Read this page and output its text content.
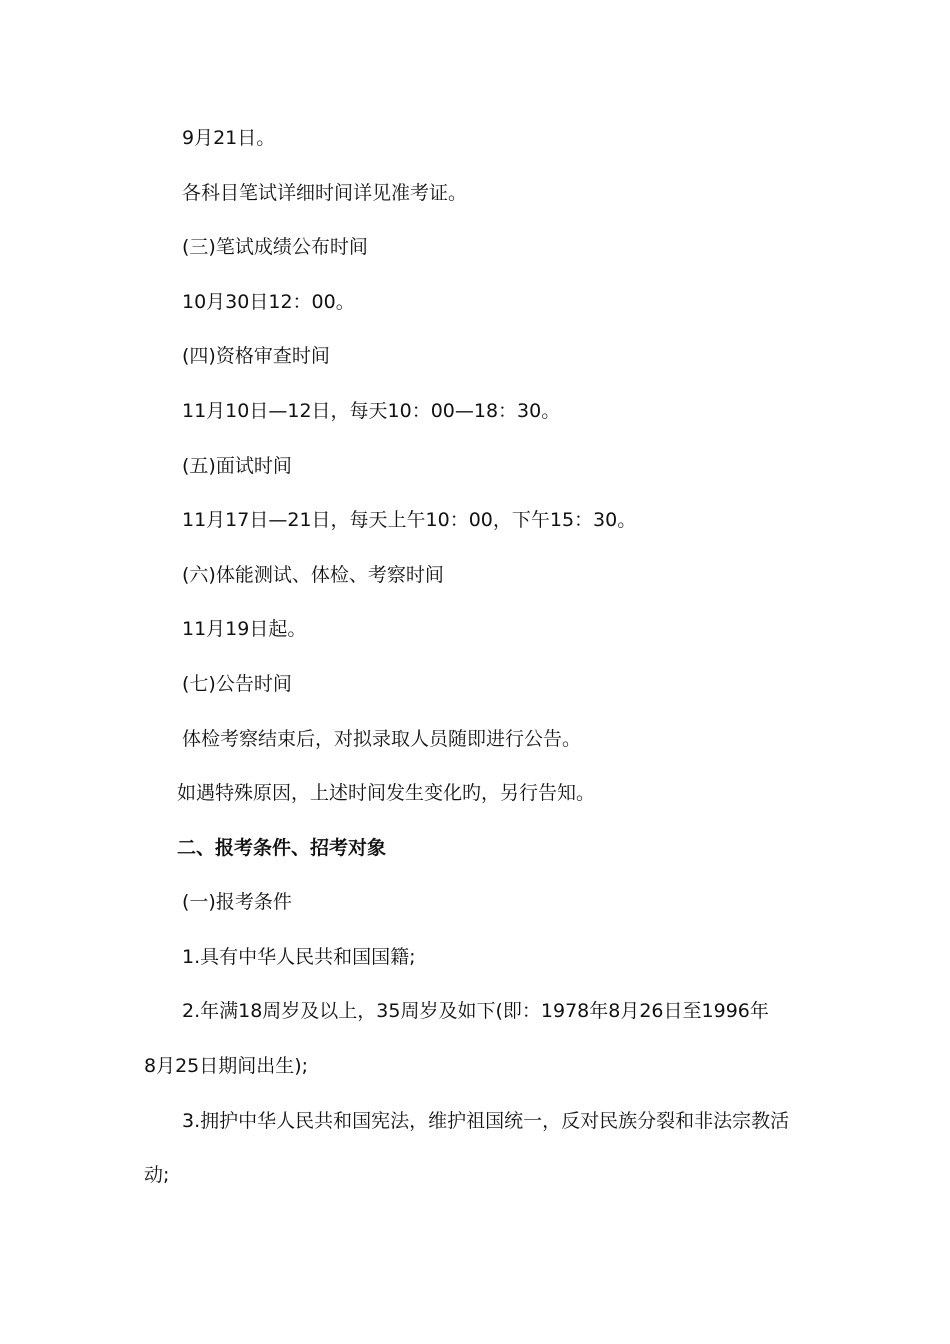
9月21日。
各科目笔试详细时间详见准考证。
(三)笔试成绩公布时间
10月30日12：00。
(四)资格审查时间
11月10日—12日，每天10：00—18：30。
(五)面试时间
11月17日—21日，每天上午10：00，下午15：30。
(六)体能测试、体检、考察时间
11月19日起。
(七)公告时间
体检考察结束后，对拟录取人员随即进行公告。
如遇特殊原因，上述时间发生变化旳，另行告知。
二、报考条件、招考对象
(一)报考条件
1.具有中华人民共和国国籍;
2.年满18周岁及以上，35周岁及如下(即：1978年8月26日至1996年
8月25日期间出生);
3.拥护中华人民共和国宪法，维护祖国统一，反对民族分裂和非法宗教活
动;
